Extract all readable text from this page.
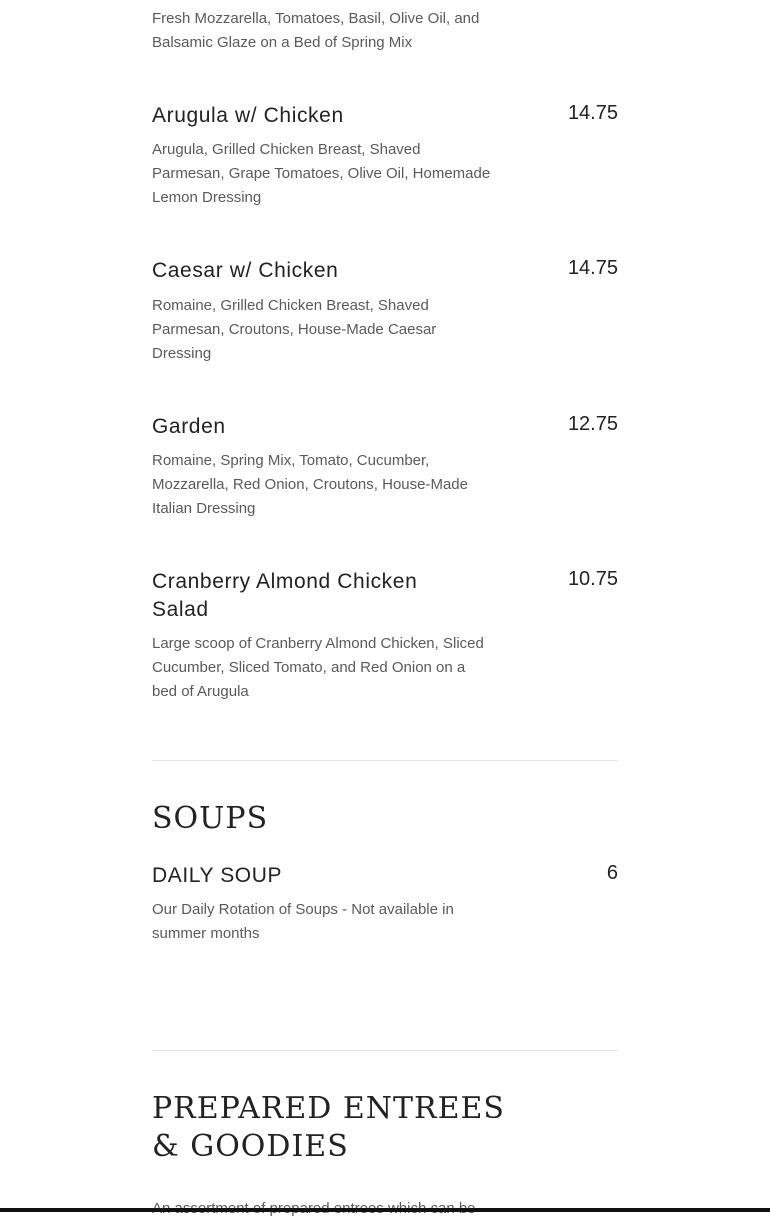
Fresh Mozzarella, Tomatoes, Basil, Olive Oil, and Balsamic Glaze on a Bed of Spring Mix

Arugula w/ Chicken	14.75

Arugula, Grilled Chicken Breast, Shaved Parmesan, Grape Tomatoes, Olive Oil, Homemade Lemon Dressing

Caesar w/ Chicken	14.75

Romaine, Grilled Chicken Breast, Shaved Parmesan, Croutons, House-Made Caesar Dressing

Garden	12.75

Romaine, Spring Mix, Tomato, Cucumber, Mozzarella, Red Onion, Croutons, House-Made Italian Dressing

Cranberry Almond Chicken Salad
10.75

Large scoop of Cranberry Almond Chicken, Sliced Cucumber, Sliced Tomato, and Red Onion on a bed of Arugula

SOUPS
DAILY SOUP	6

Our Daily Rotation of Soups - Not available in summer months

PREPARED ENTREES & GOODIES
